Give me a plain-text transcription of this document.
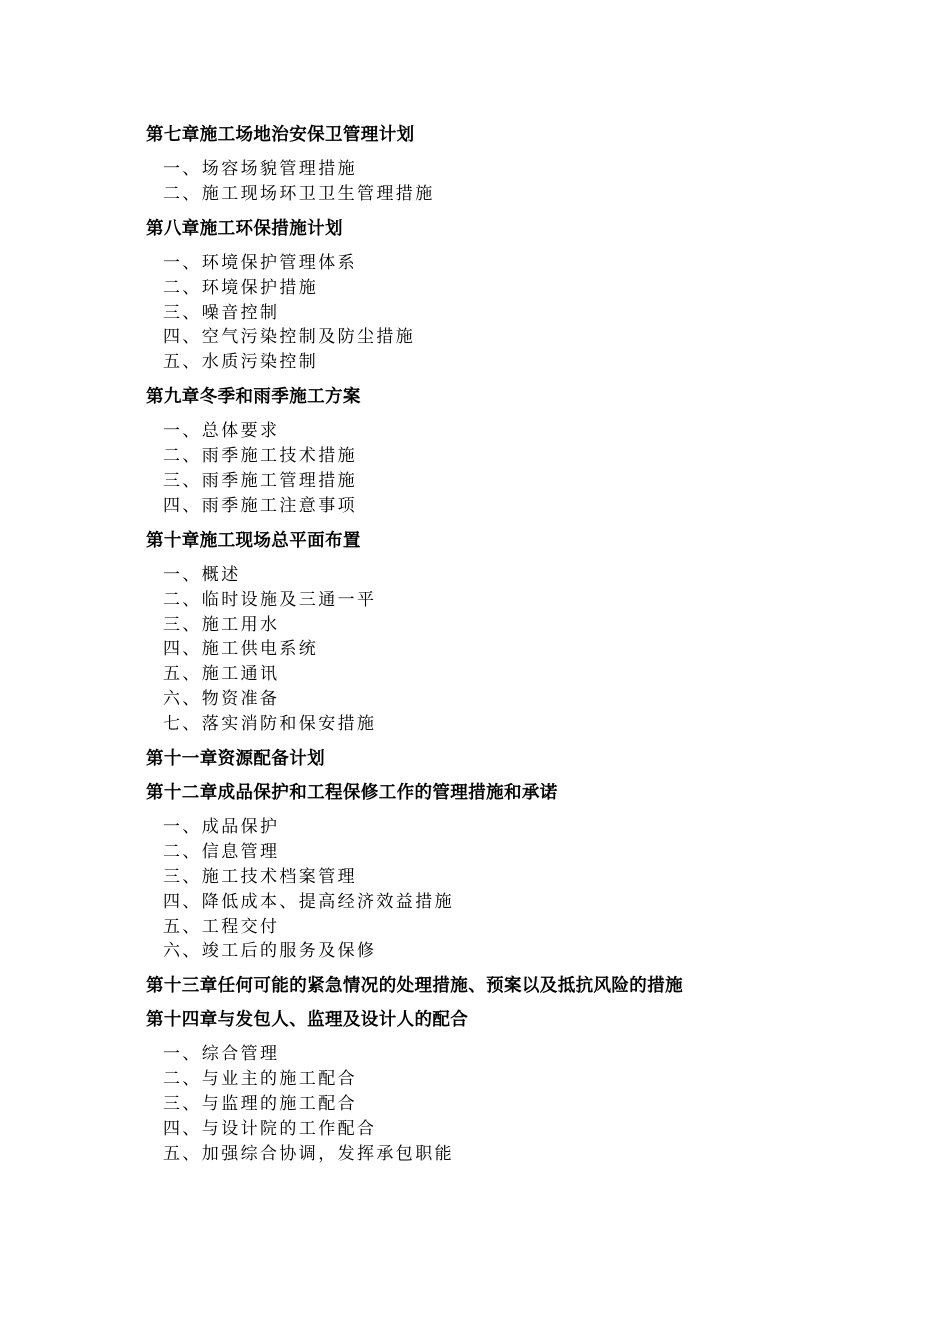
第七章施工场地治安保卫管理计划
一、场容场貌管理措施
二、施工现场环卫卫生管理措施
第八章施工环保措施计划
一、环境保护管理体系
二、环境保护措施
三、噪音控制
四、空气污染控制及防尘措施
五、水质污染控制
第九章冬季和雨季施工方案
一、总体要求
二、雨季施工技术措施
三、雨季施工管理措施
四、雨季施工注意事项
第十章施工现场总平面布置
一、概述
二、临时设施及三通一平
三、施工用水
四、施工供电系统
五、施工通讯
六、物资准备
七、落实消防和保安措施
第十一章资源配备计划
第十二章成品保护和工程保修工作的管理措施和承诺
一、成品保护
二、信息管理
三、施工技术档案管理
四、降低成本、提高经济效益措施
五、工程交付
六、竣工后的服务及保修
第十三章任何可能的紧急情况的处理措施、预案以及抵抗风险的措施
第十四章与发包人、监理及设计人的配合
一、综合管理
二、与业主的施工配合
三、与监理的施工配合
四、与设计院的工作配合
五、加强综合协调，发挥承包职能
